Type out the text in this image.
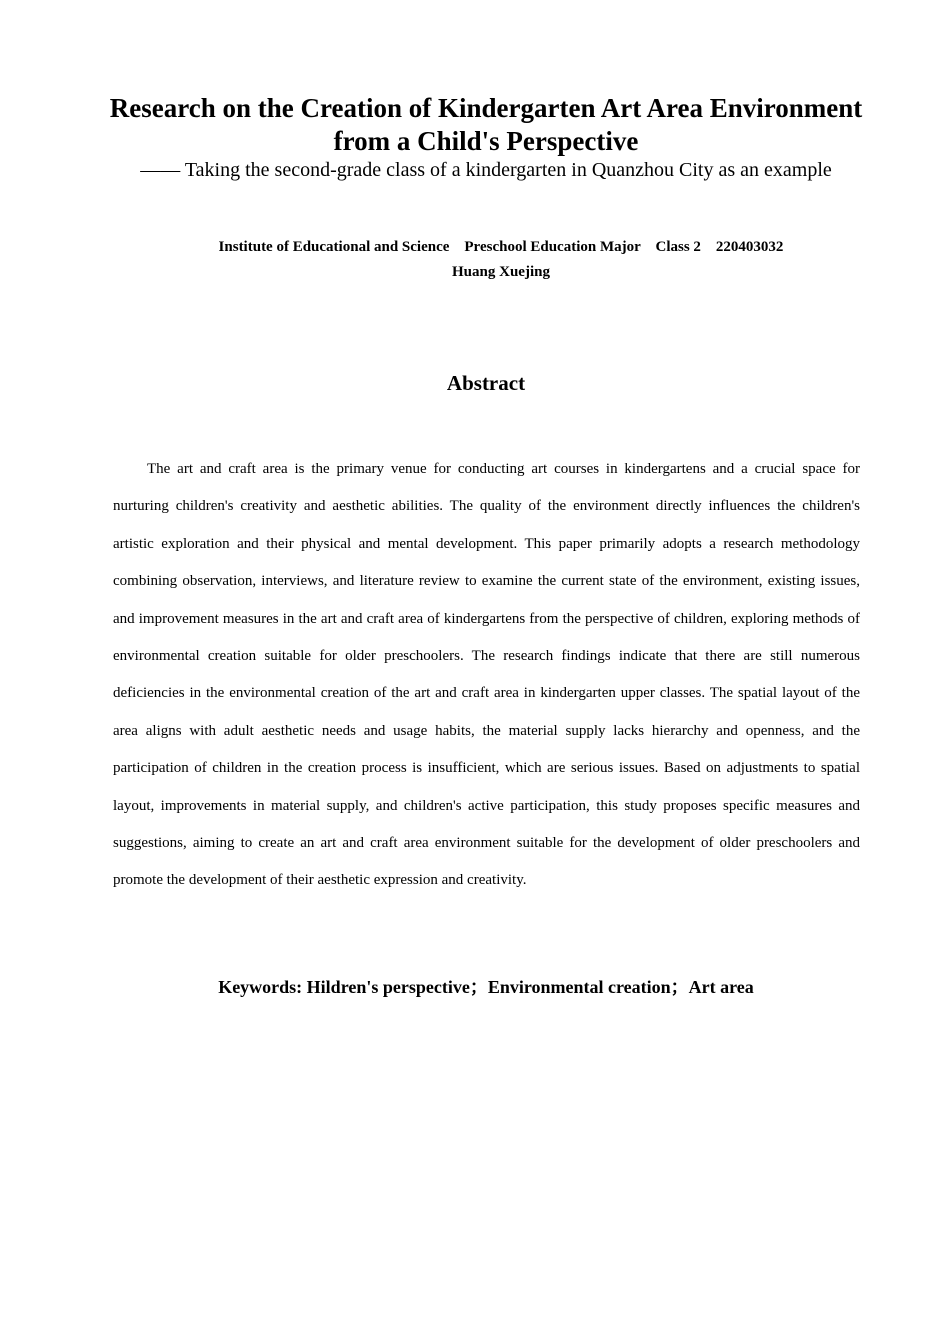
Research on the Creation of Kindergarten Art Area Environment from a Child's Perspective
—— Taking the second-grade class of a kindergarten in Quanzhou City as an example
Institute of Educational and Science    Preschool Education Major    Class 2    220403032
Huang Xuejing
Abstract
The art and craft area is the primary venue for conducting art courses in kindergartens and a crucial space for nurturing children's creativity and aesthetic abilities. The quality of the environment directly influences the children's artistic exploration and their physical and mental development. This paper primarily adopts a research methodology combining observation, interviews, and literature review to examine the current state of the environment, existing issues, and improvement measures in the art and craft area of kindergartens from the perspective of children, exploring methods of environmental creation suitable for older preschoolers. The research findings indicate that there are still numerous deficiencies in the environmental creation of the art and craft area in kindergarten upper classes. The spatial layout of the area aligns with adult aesthetic needs and usage habits, the material supply lacks hierarchy and openness, and the participation of children in the creation process is insufficient, which are serious issues. Based on adjustments to spatial layout, improvements in material supply, and children's active participation, this study proposes specific measures and suggestions, aiming to create an art and craft area environment suitable for the development of older preschoolers and promote the development of their aesthetic expression and creativity.
Keywords: Hildren's perspective；Environmental creation；Art area
